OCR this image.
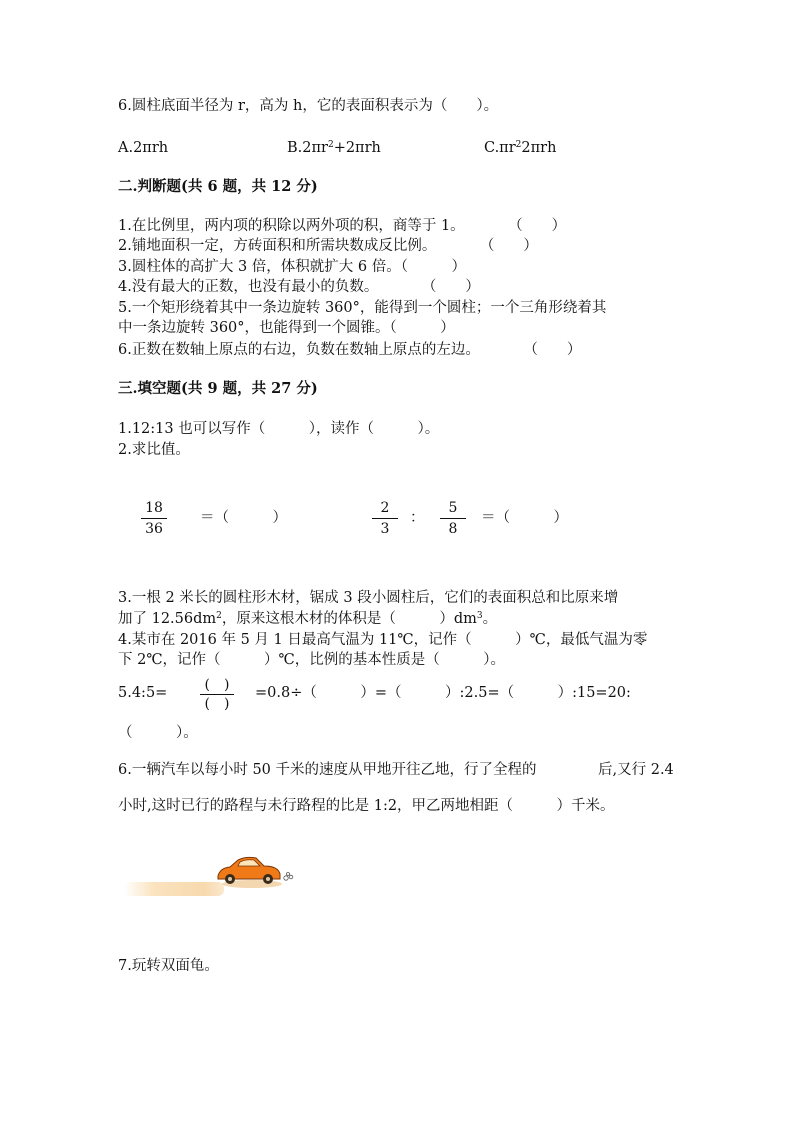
6.圆柱底面半径为 r，高为 h，它的表面积表示为（　　）。
A.2πrh	$B.2\pi r^2+2\pi rh$	$C.\pi r^22\pi rh$
二.判断题(共 6 题，共 12 分)
1.在比例里，两内项的积除以两外项的积，商等于 1。　　　　（　　）
2.铺地面积一定，方砖面积和所需块数成反比例。　　　　（　　）
3.圆柱体的高扩大 3 倍，体积就扩大 6 倍。（　　　）
4.没有最大的正数，也没有最小的负数。　　　　（　　）
5.一个矩形绕着其中一条边旋转 360°，能得到一个圆柱；一个三角形绕着其
中一条边旋转 360°，也能得到一个圆锥。（　　　）
6.正数在数轴上原点的右边，负数在数轴上原点的左边。　　　　（　　）
三.填空题(共 9 题，共 27 分)
1.12:13 也可以写作（　　　），读作（　　　）。
2.求比值。
18
36
＝（　　　）
2
3
：
5
8
＝（　　　）
3.一根 2 米长的圆柱形木材，锯成 3 段小圆柱后，它们的表面积总和比原来增
加了 $12.56dm^2$，原来这根木材的体积是（　　　）$dm^3$。
4.某市在 2016 年 5 月 1 日最高气温为 11℃，记作（　　　）℃，最低气温为零
下 2℃，记作（　　　）℃，比例的基本性质是（　　　）。
5.4:5=	(　)
(　)
=0.8÷（　　　）=（　　　）:2.5=（　　　）:15=20:
（　　　）。
6.一辆汽车以每小时 50 千米的速度从甲地开往乙地，行了全程的	后,又行 2.4
小时,这时已行的路程与未行路程的比是 1:2，甲乙两地相距（　　　）千米。
7.玩转双面龟。
